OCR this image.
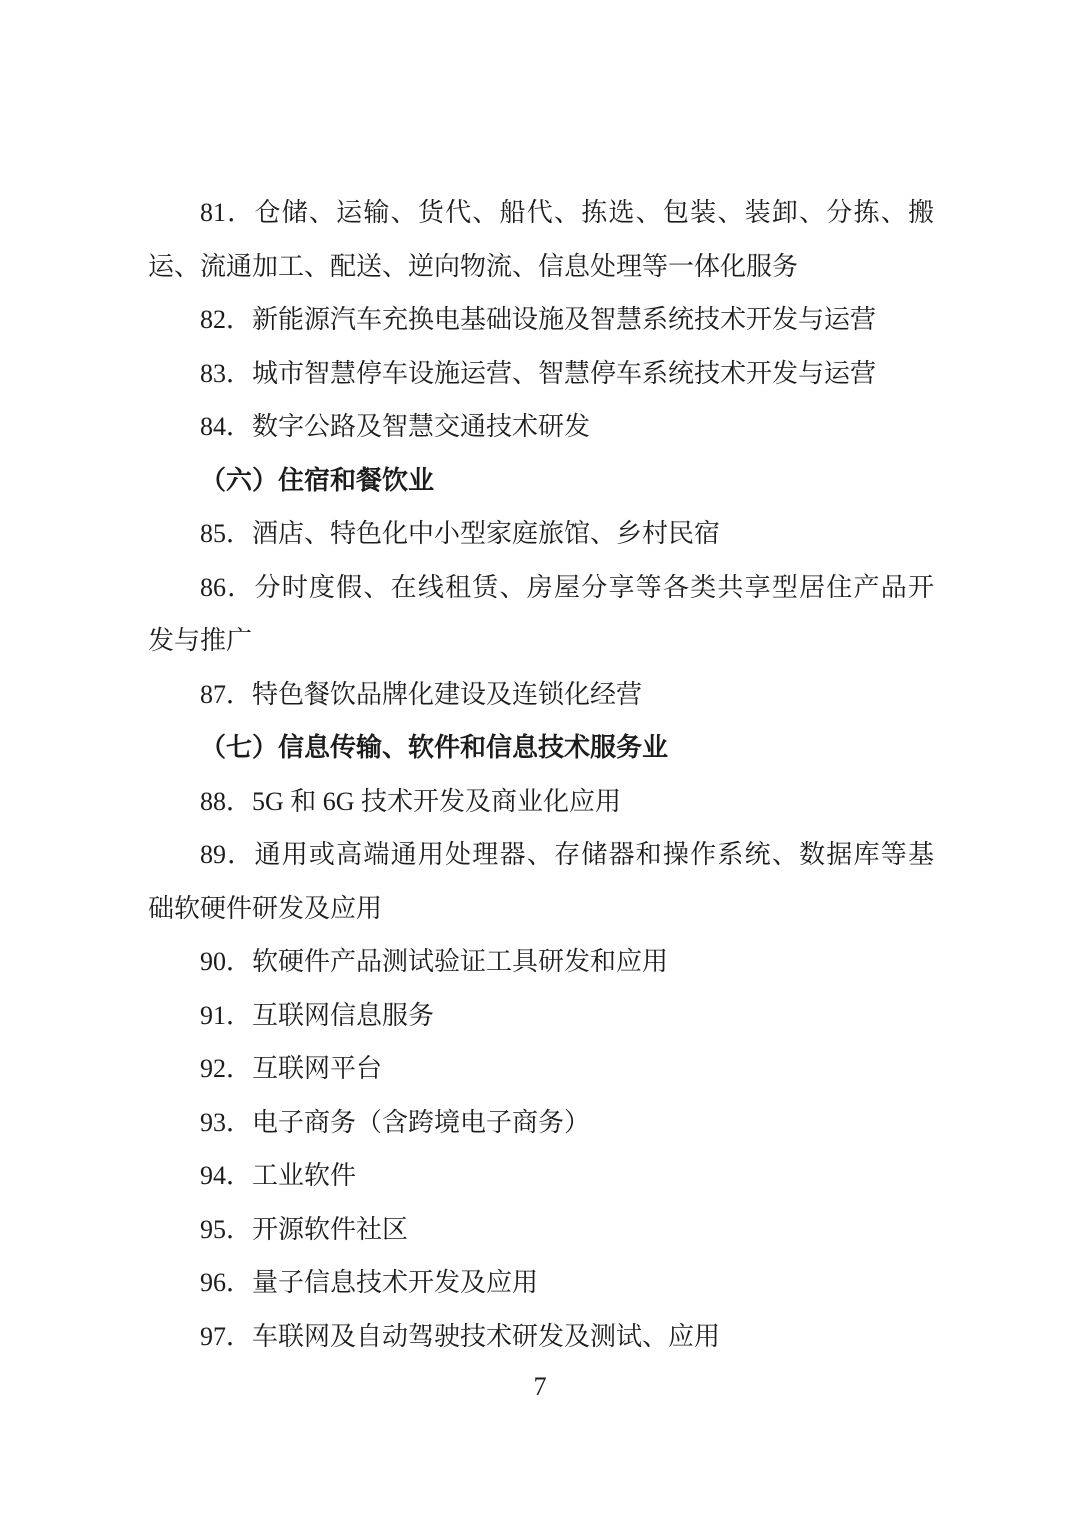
81．仓储、运输、货代、船代、拣选、包装、装卸、分拣、搬

运、流通加工、配送、逆向物流、信息处理等一体化服务

82．新能源汽车充换电基础设施及智慧系统技术开发与运营

83．城市智慧停车设施运营、智慧停车系统技术开发与运营

84．数字公路及智慧交通技术研发

（六）住宿和餐饮业

85．酒店、特色化中小型家庭旅馆、乡村民宿

86．分时度假、在线租赁、房屋分享等各类共享型居住产品开

发与推广

87．特色餐饮品牌化建设及连锁化经营

（七）信息传输、软件和信息技术服务业

88．5G 和 6G 技术开发及商业化应用

89．通用或高端通用处理器、存储器和操作系统、数据库等基

础软硬件研发及应用

90．软硬件产品测试验证工具研发和应用

91．互联网信息服务

92．互联网平台

93．电子商务（含跨境电子商务）

94．工业软件

95．开源软件社区

96．量子信息技术开发及应用

97．车联网及自动驾驶技术研发及测试、应用

7
